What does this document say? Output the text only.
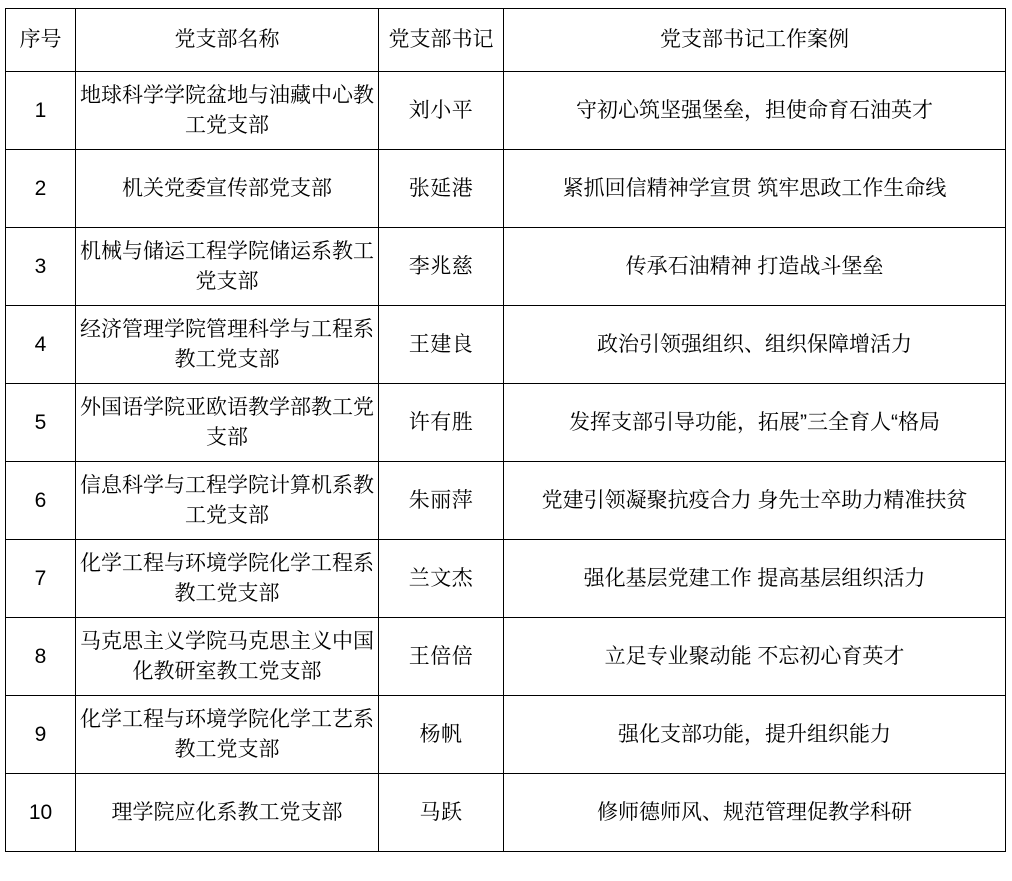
序号	党支部名称	党支部书记	党支部书记工作案例
1	地球科学学院盆地与油藏中心教工党支部	刘小平	守初心筑坚强堡垒，担使命育石油英才
2	机关党委宣传部党支部	张延港	紧抓回信精神学宣贯 筑牢思政工作生命线
3	机械与储运工程学院储运系教工党支部	李兆慈	传承石油精神 打造战斗堡垒
4	经济管理学院管理科学与工程系教工党支部	王建良	政治引领强组织、组织保障增活力
5	外国语学院亚欧语教学部教工党支部	许有胜	发挥支部引导功能，拓展”三全育人“格局
6	信息科学与工程学院计算机系教工党支部	朱丽萍	党建引领凝聚抗疫合力 身先士卒助力精准扶贫
7	化学工程与环境学院化学工程系教工党支部	兰文杰	强化基层党建工作 提高基层组织活力
8	马克思主义学院马克思主义中国化教研室教工党支部	王倍倍	立足专业聚动能 不忘初心育英才
9	化学工程与环境学院化学工艺系教工党支部	杨帆	强化支部功能，提升组织能力
10	理学院应化系教工党支部	马跃	修师德师风、规范管理促教学科研
